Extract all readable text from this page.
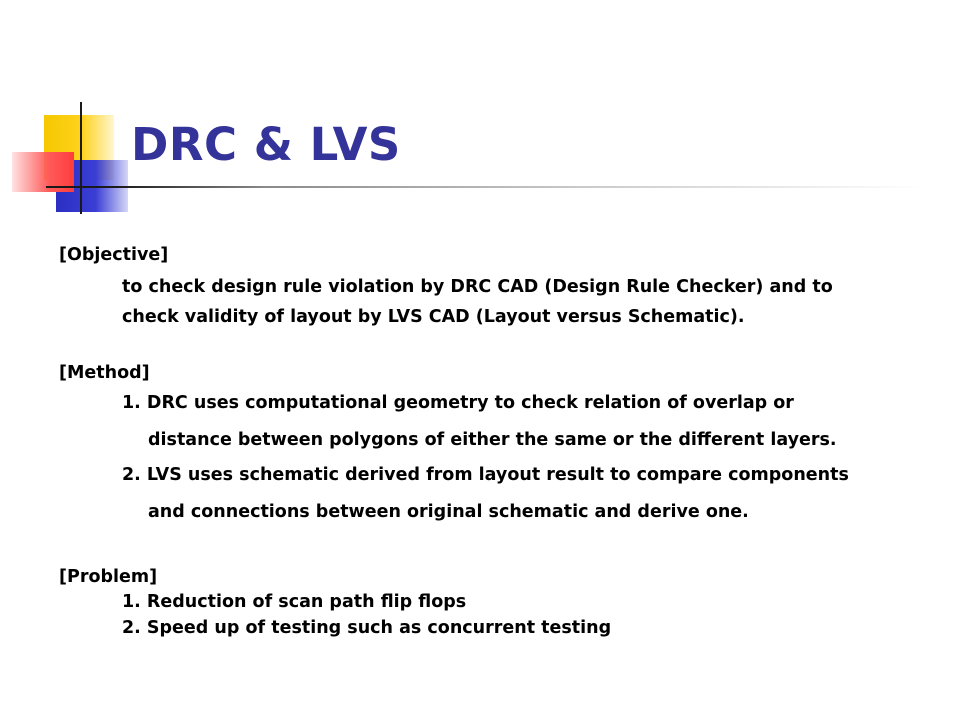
DRC & LVS

[Objective]

to check design rule violation by DRC CAD (Design Rule Checker) and to

check validity of layout by LVS CAD (Layout versus Schematic).

[Method]

1. DRC uses computational geometry to check relation of overlap or

distance between polygons of either the same or the different layers.

2. LVS uses schematic derived from layout result to compare components

and connections between original schematic and derive one.

[Problem]

1. Reduction of scan path flip flops

2. Speed up of testing such as concurrent testing
